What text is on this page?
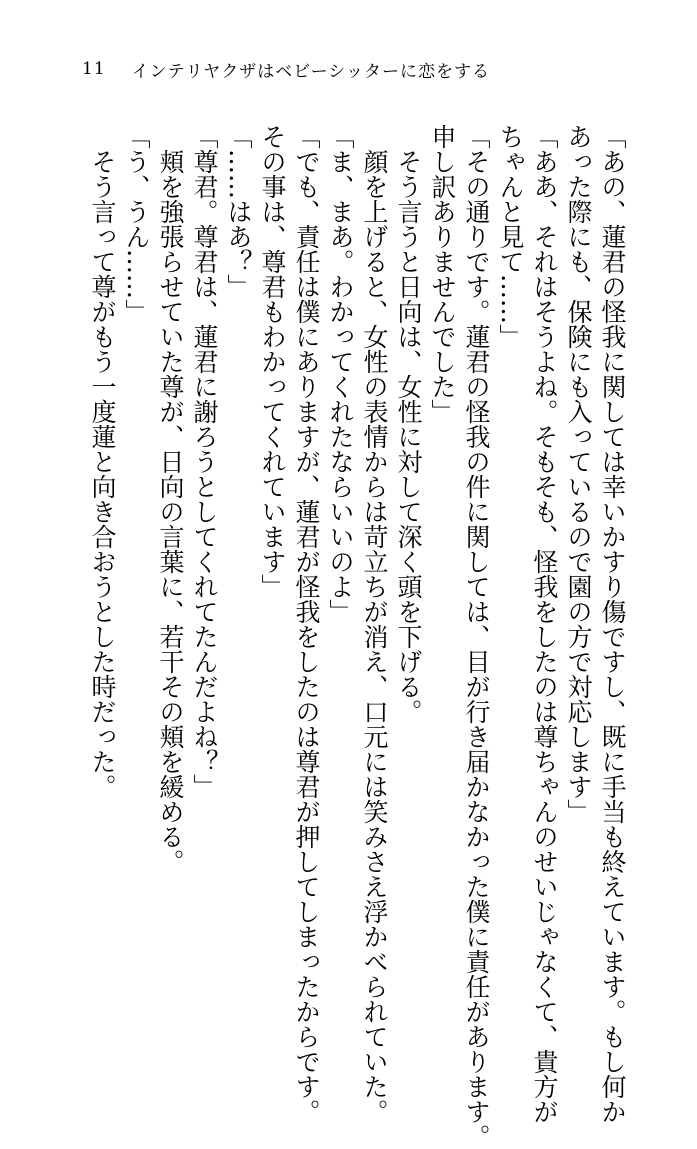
11 インテリヤクザはベビーシッターに恋をする
「あの、蓮君の怪我に関しては幸いかすり傷ですし、既に手当も終えています。もし何か
あった際にも、保険にも入っているので園の方で対応します」
「ああ、それはそうよね。そもそも、怪我をしたのは尊ちゃんのせいじゃなくて、貴方が
ちゃんと見て……」
「その通りです。蓮君の怪我の件に関しては、目が行き届かなかった僕に責任があります。
申し訳ありませんでした」
　そう言うと日向は、女性に対して深く頭を下げる。
　顔を上げると、女性の表情からは苛立ちが消え、口元には笑みさえ浮かべられていた。
「ま、まあ。わかってくれたならいいのよ」
「でも、責任は僕にありますが、蓮君が怪我をしたのは尊君が押してしまったからです。
その事は、尊君もわかってくれています」
「……はあ？」
「尊君。尊君は、蓮君に謝ろうとしてくれてたんだよね？」
　頬を強張らせていた尊が、日向の言葉に、若干その頬を緩める。
「う、うん……」
　そう言って尊がもう一度蓮と向き合おうとした時だった。
